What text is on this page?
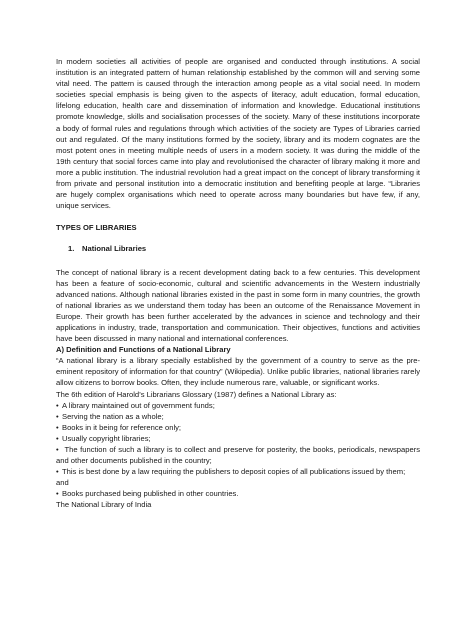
In modern societies all activities of people are organised and conducted through institutions. A social institution is an integrated pattern of human relationship established by the common will and serving some vital need. The pattern is caused through the interaction among people as a vital social need. In modern societies special emphasis is being given to the aspects of literacy, adult education, formal education, lifelong education, health care and dissemination of information and knowledge. Educational institutions promote knowledge, skills and socialisation processes of the society. Many of these institutions incorporate a body of formal rules and regulations through which activities of the society are Types of Libraries carried out and regulated. Of the many institutions formed by the society, library and its modern cognates are the most potent ones in meeting multiple needs of users in a modern society. It was during the middle of the 19th century that social forces came into play and revolutionised the character of library making it more and more a public institution. The industrial revolution had a great impact on the concept of library transforming it from private and personal institution into a democratic institution and benefiting people at large. “Libraries are hugely complex organisations which need to operate across many boundaries but have few, if any, unique services.

TYPES OF LIBRARIES

1. National Libraries

The concept of national library is a recent development dating back to a few centuries. This development has been a feature of socio-economic, cultural and scientific advancements in the Western industrially advanced nations. Although national libraries existed in the past in some form in many countries, the growth of national libraries as we understand them today has been an outcome of the Renaissance Movement in Europe. Their growth has been further accelerated by the advances in science and technology and their applications in industry, trade, transportation and communication. Their objectives, functions and activities have been discussed in many national and international conferences.

A) Definition and Functions of a National Library

“A national library is a library specially established by the government of a country to serve as the pre-eminent repository of information for that country” (Wikipedia). Unlike public libraries, national libraries rarely allow citizens to borrow books. Often, they include numerous rare, valuable, or significant works.

The 6th edition of Harold’s Librarians Glossary (1987) defines a National Library as:

• A library maintained out of government funds;

• Serving the nation as a whole;

• Books in it being for reference only;

• Usually copyright libraries;

• The function of such a library is to collect and preserve for posterity, the books, periodicals, newspapers and other documents published in the country;

• This is best done by a law requiring the publishers to deposit copies of all publications issued by them;

and

• Books purchased being published in other countries.

The National Library of India
